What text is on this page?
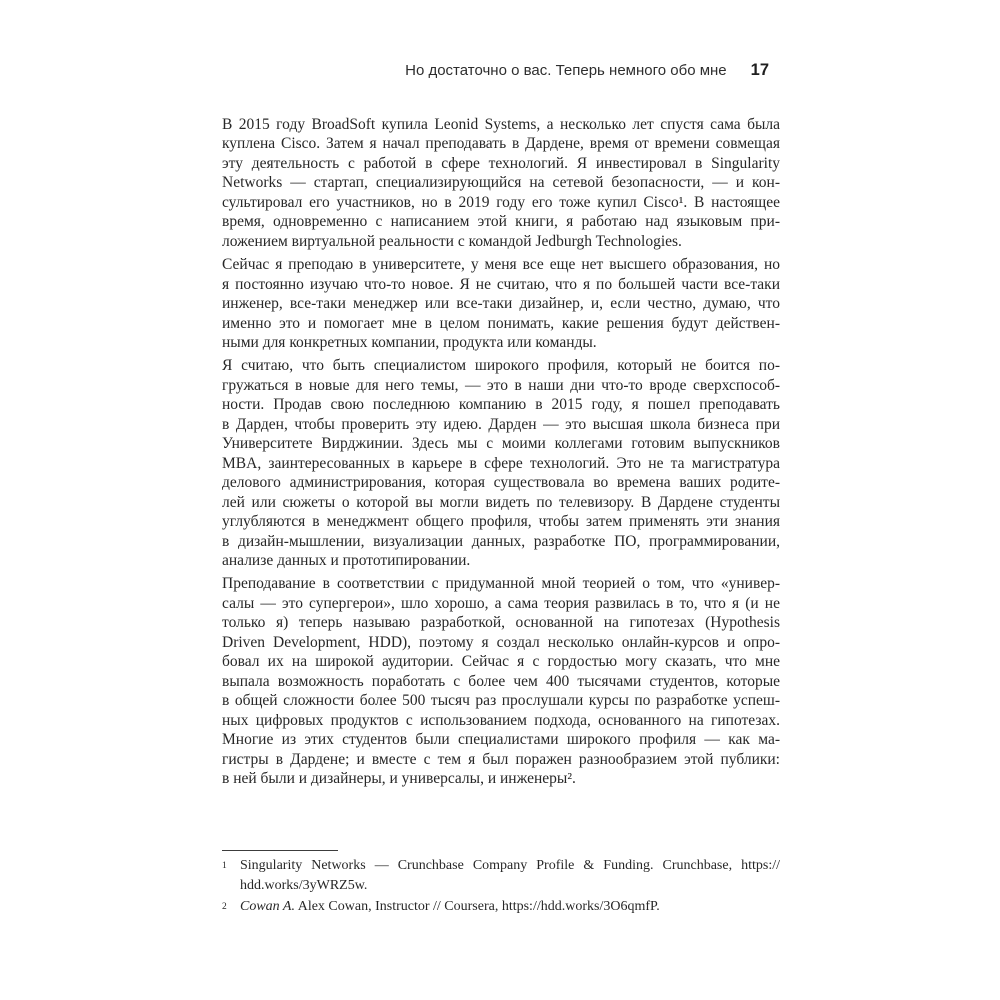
Но достаточно о вас. Теперь немного обо мне 17

В 2015 году BroadSoft купила Leonid Systems, а несколько лет спустя сама была
куплена Cisco. Затем я начал преподавать в Дардене, время от времени совмещая
эту деятельность с работой в сфере технологий. Я инвестировал в Singularity
Networks — стартап, специализирующийся на сетевой безопасности, — и кон-
сультировал его участников, но в 2019 году его тоже купил Cisco¹. В настоящее
время, одновременно с написанием этой книги, я работаю над языковым при-
ложением виртуальной реальности с командой Jedburgh Technologies.

Сейчас я преподаю в университете, у меня все еще нет высшего образования, но
я постоянно изучаю что-то новое. Я не считаю, что я по большей части все-таки
инженер, все-таки менеджер или все-таки дизайнер, и, если честно, думаю, что
именно это и помогает мне в целом понимать, какие решения будут действен-
ными для конкретных компании, продукта или команды.

Я считаю, что быть специалистом широкого профиля, который не боится по-
гружаться в новые для него темы, — это в наши дни что-то вроде сверхспособ-
ности. Продав свою последнюю компанию в 2015 году, я пошел преподавать
в Дарден, чтобы проверить эту идею. Дарден — это высшая школа бизнеса при
Университете Вирджинии. Здесь мы с моими коллегами готовим выпускников
MBA, заинтересованных в карьере в сфере технологий. Это не та магистратура
делового администрирования, которая существовала во времена ваших родите-
лей или сюжеты о которой вы могли видеть по телевизору. В Дардене студенты
углубляются в менеджмент общего профиля, чтобы затем применять эти знания
в дизайн-мышлении, визуализации данных, разработке ПО, программировании,
анализе данных и прототипировании.

Преподавание в соответствии с придуманной мной теорией о том, что «универ-
салы — это супергерои», шло хорошо, а сама теория развилась в то, что я (и не
только я) теперь называю разработкой, основанной на гипотезах (Hypothesis
Driven Development, HDD), поэтому я создал несколько онлайн-курсов и опро-
бовал их на широкой аудитории. Сейчас я с гордостью могу сказать, что мне
выпала возможность поработать с более чем 400 тысячами студентов, которые
в общей сложности более 500 тысяч раз прослушали курсы по разработке успеш-
ных цифровых продуктов с использованием подхода, основанного на гипотезах.
Многие из этих студентов были специалистами широкого профиля — как ма-
гистры в Дардене; и вместе с тем я был поражен разнообразием этой публики:
в ней были и дизайнеры, и универсалы, и инженеры².

1 Singularity Networks — Crunchbase Company Profile & Funding. Crunchbase, https://
hdd.works/3yWRZ5w.
2 Cowan A. Alex Cowan, Instructor // Coursera, https://hdd.works/3O6qmfP.
